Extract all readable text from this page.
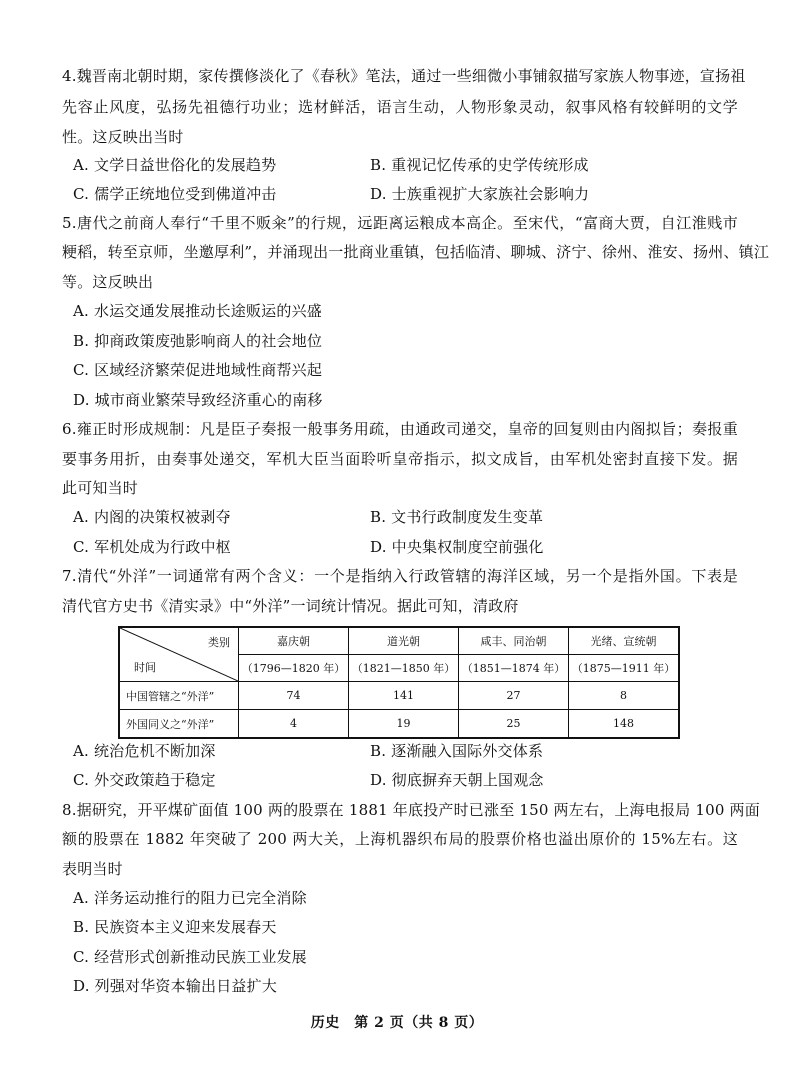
4.魏晋南北朝时期，家传撰修淡化了《春秋》笔法，通过一些细微小事铺叙描写家族人物事迹，宣扬祖
先容止风度，弘扬先祖德行功业；选材鲜活，语言生动，人物形象灵动，叙事风格有较鲜明的文学
性。这反映出当时
A. 文学日益世俗化的发展趋势	B. 重视记忆传承的史学传统形成
C. 儒学正统地位受到佛道冲击	D. 士族重视扩大家族社会影响力
5.唐代之前商人奉行“千里不贩籴”的行规，远距离运粮成本高企。至宋代，“富商大贾，自江淮贱市
粳稻，转至京师，坐邀厚利”，并涌现出一批商业重镇，包括临清、聊城、济宁、徐州、淮安、扬州、镇江
等。这反映出
A. 水运交通发展推动长途贩运的兴盛
B. 抑商政策废弛影响商人的社会地位
C. 区域经济繁荣促进地域性商帮兴起
D. 城市商业繁荣导致经济重心的南移
6.雍正时形成规制：凡是臣子奏报一般事务用疏，由通政司递交，皇帝的回复则由内阁拟旨；奏报重
要事务用折，由奏事处递交，军机大臣当面聆听皇帝指示，拟文成旨，由军机处密封直接下发。据
此可知当时
A. 内阁的决策权被剥夺	B. 文书行政制度发生变革
C. 军机处成为行政中枢	D. 中央集权制度空前强化
7.清代“外洋”一词通常有两个含义：一个是指纳入行政管辖的海洋区域，另一个是指外国。下表是
清代官方史书《清实录》中“外洋”一词统计情况。据此可知，清政府
类别
时间	嘉庆朝	道光朝	咸丰、同治朝	光绪、宣统朝
	（1796—1820 年）	（1821—1850 年）	（1851—1874 年）	（1875—1911 年）
中国管辖之“外洋”	74	141	27	8
外国同义之“外洋”	4	19	25	148
A. 统治危机不断加深	B. 逐渐融入国际外交体系
C. 外交政策趋于稳定	D. 彻底摒弃天朝上国观念
8.据研究，开平煤矿面值 100 两的股票在 1881 年底投产时已涨至 150 两左右，上海电报局 100 两面
额的股票在 1882 年突破了 200 两大关，上海机器织布局的股票价格也溢出原价的 15%左右。这
表明当时
A. 洋务运动推行的阻力已完全消除
B. 民族资本主义迎来发展春天
C. 经营形式创新推动民族工业发展
D. 列强对华资本输出日益扩大
历史　第 2 页（共 8 页）
